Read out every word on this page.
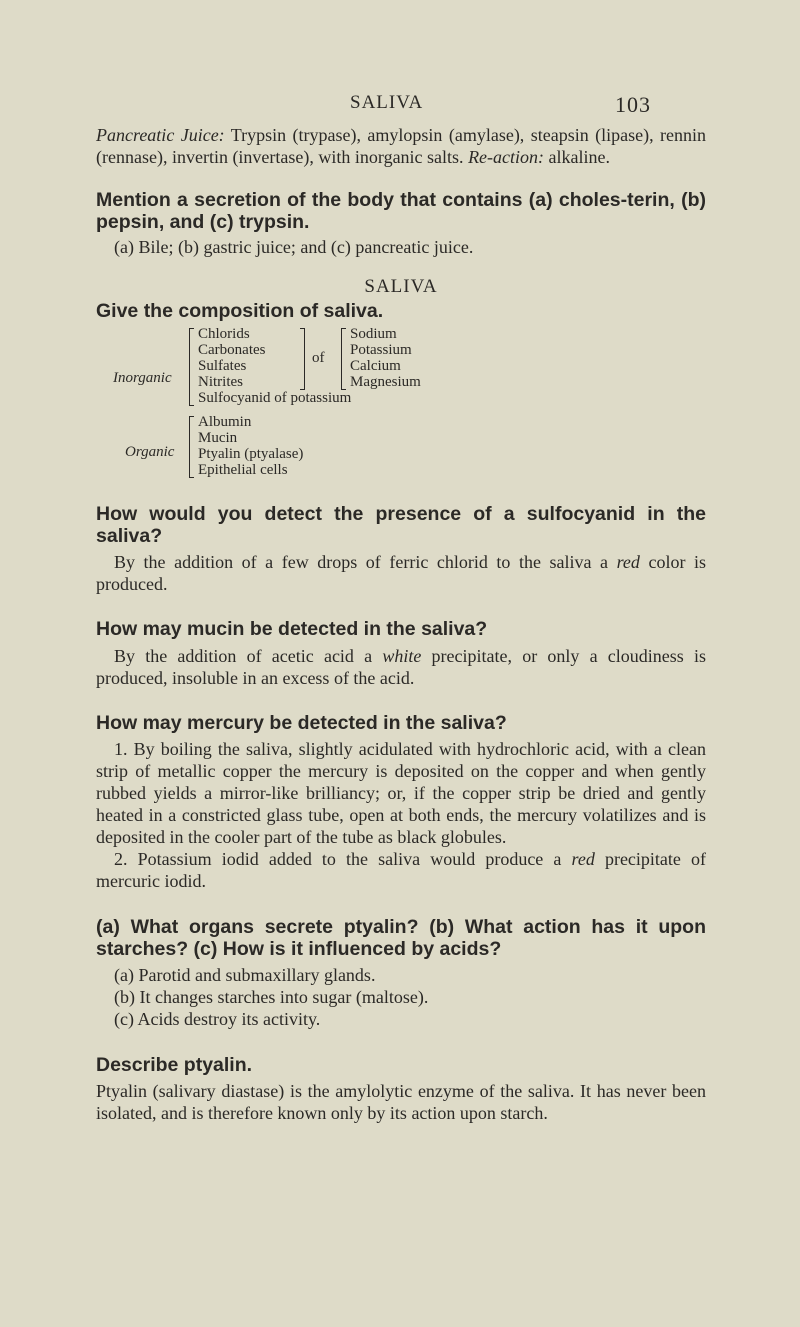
SALIVA	103

Pancreatic Juice: Trypsin (trypase), amylopsin (amylase), steapsin (lipase), rennin (rennase), invertin (invertase), with inorganic salts. Re-action: alkaline.

Mention a secretion of the body that contains (a) choles-terin, (b) pepsin, and (c) trypsin.

(a) Bile; (b) gastric juice; and (c) pancreatic juice.

SALIVA

Give the composition of saliva.

Inorganic
Chlorids
Carbonates
Sulfates
Nitrites
of
Sodium
Potassium
Calcium
Magnesium
Sulfocyanid of potassium
Organic
Albumin
Mucin
Ptyalin (ptyalase)
Epithelial cells

How would you detect the presence of a sulfocyanid in the saliva?

By the addition of a few drops of ferric chlorid to the saliva a red color is produced.

How may mucin be detected in the saliva?

By the addition of acetic acid a white precipitate, or only a cloudiness is produced, insoluble in an excess of the acid.

How may mercury be detected in the saliva?

1. By boiling the saliva, slightly acidulated with hydrochloric acid, with a clean strip of metallic copper the mercury is deposited on the copper and when gently rubbed yields a mirror-like brilliancy; or, if the copper strip be dried and gently heated in a constricted glass tube, open at both ends, the mercury volatilizes and is deposited in the cooler part of the tube as black globules.

2. Potassium iodid added to the saliva would produce a red precipitate of mercuric iodid.

(a) What organs secrete ptyalin? (b) What action has it upon starches? (c) How is it influenced by acids?

(a) Parotid and submaxillary glands.

(b) It changes starches into sugar (maltose).

(c) Acids destroy its activity.

Describe ptyalin.

Ptyalin (salivary diastase) is the amylolytic enzyme of the saliva. It has never been isolated, and is therefore known only by its action upon starch.
